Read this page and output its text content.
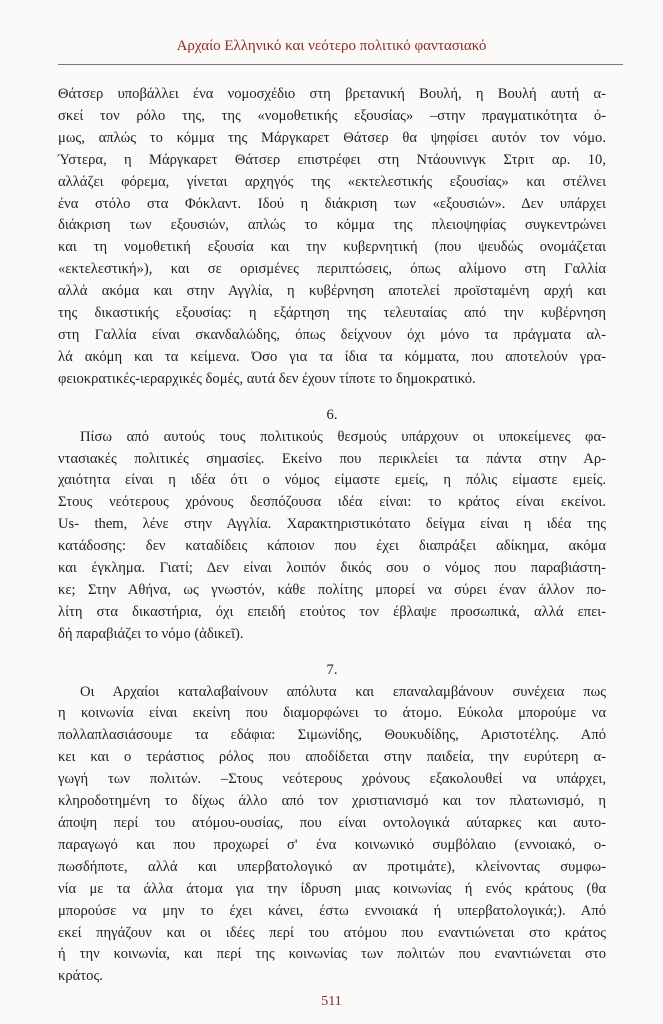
Αρχαίο Ελληνικό και νεότερο πολιτικό φαντασιακό
Θάτσερ υποβάλλει ένα νομοσχέδιο στη βρετανική Βουλή, η Βουλή αυτή α-
σκεί τον ρόλο της, της «νομοθετικής εξουσίας» –στην πραγματικότητα ό-
μως, απλώς το κόμμα της Μάργκαρετ Θάτσερ θα ψηφίσει αυτόν τον νόμο.
Ύστερα, η Μάργκαρετ Θάτσερ επιστρέφει στη Ντάουνινγκ Στριτ αρ. 10,
αλλάζει φόρεμα, γίνεται αρχηγός της «εκτελεστικής εξουσίας» και στέλνει
ένα στόλο στα Φόκλαντ. Ιδού η διάκριση των «εξουσιών». Δεν υπάρχει
διάκριση των εξουσιών, απλώς το κόμμα της πλειοψηφίας συγκεντρώνει
και τη νομοθετική εξουσία και την κυβερνητική (που ψευδώς ονομάζεται
«εκτελεστική»), και σε ορισμένες περιπτώσεις, όπως αλίμονο στη Γαλλία
αλλά ακόμα και στην Αγγλία, η κυβέρνηση αποτελεί προϊσταμένη αρχή και
της δικαστικής εξουσίας: η εξάρτηση της τελευταίας από την κυβέρνηση
στη Γαλλία είναι σκανδαλώδης, όπως δείχνουν όχι μόνο τα πράγματα αλ-
λά ακόμη και τα κείμενα. Όσο για τα ίδια τα κόμματα, που αποτελούν γρα-
φειοκρατικές-ιεραρχικές δομές, αυτά δεν έχουν τίποτε το δημοκρατικό.
6.
Πίσω από αυτούς τους πολιτικούς θεσμούς υπάρχουν οι υποκείμενες φα-
ντασιακές πολιτικές σημασίες. Εκείνο που περικλείει τα πάντα στην Αρ-
χαιότητα είναι η ιδέα ότι ο νόμος είμαστε εμείς, η πόλις είμαστε εμείς.
Στους νεότερους χρόνους δεσπόζουσα ιδέα είναι: το κράτος είναι εκείνοι.
Us- them, λένε στην Αγγλία. Χαρακτηριστικότατο δείγμα είναι η ιδέα της
κατάδοσης: δεν καταδίδεις κάποιον που έχει διαπράξει αδίκημα, ακόμα
και έγκλημα. Γιατί; Δεν είναι λοιπόν δικός σου ο νόμος που παραβιάστη-
κε; Στην Αθήνα, ως γνωστόν, κάθε πολίτης μπορεί να σύρει έναν άλλον πο-
λίτη στα δικαστήρια, όχι επειδή ετούτος τον έβλαψε προσωπικά, αλλά επει-
δή παραβιάζει το νόμο (ἀδικεῖ).
7.
Οι Αρχαίοι καταλαβαίνουν απόλυτα και επαναλαμβάνουν συνέχεια πως
η κοινωνία είναι εκείνη που διαμορφώνει το άτομο. Εύκολα μπορούμε να
πολλαπλασιάσουμε τα εδάφια: Σιμωνίδης, Θουκυδίδης, Αριστοτέλης. Από
κει και ο τεράστιος ρόλος που αποδίδεται στην παιδεία, την ευρύτερη α-
γωγή των πολιτών. –Στους νεότερους χρόνους εξακολουθεί να υπάρχει,
κληροδοτημένη το δίχως άλλο από τον χριστιανισμό και τον πλατωνισμό, η
άποψη περί του ατόμου-ουσίας, που είναι οντολογικά αύταρκες και αυτο-
παραγωγό και που προχωρεί σ' ένα κοινωνικό συμβόλαιο (εννοιακό, ο-
πωσδήποτε, αλλά και υπερβατολογικό αν προτιμάτε), κλείνοντας συμφω-
νία με τα άλλα άτομα για την ίδρυση μιας κοινωνίας ή ενός κράτους (θα
μπορούσε να μην το έχει κάνει, έστω εννοιακά ή υπερβατολογικά;). Από
εκεί πηγάζουν και οι ιδέες περί του ατόμου που εναντιώνεται στο κράτος
ή την κοινωνία, και περί της κοινωνίας των πολιτών που εναντιώνεται στο
κράτος.
511
